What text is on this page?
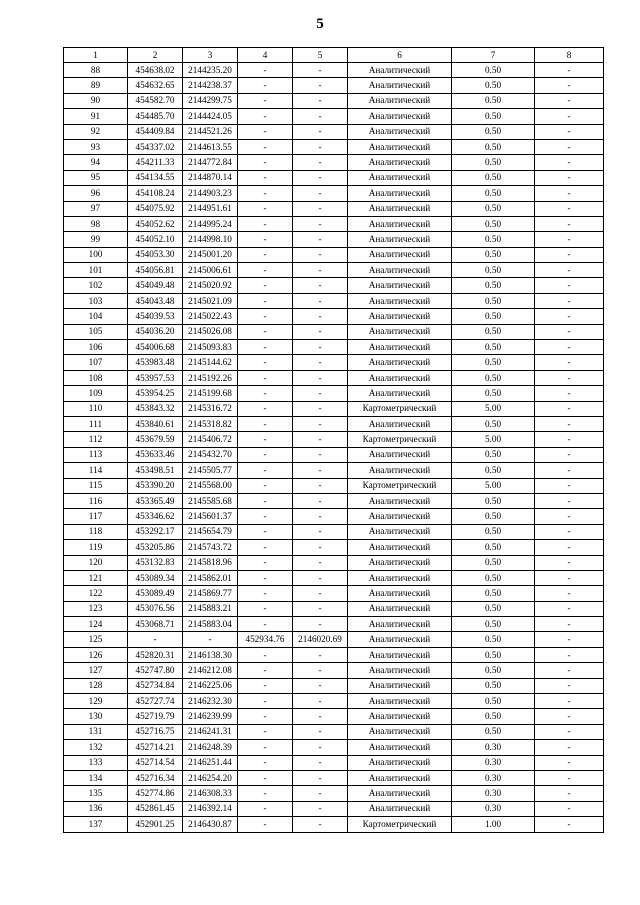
5
1	2	3	4	5	6	7	8
88	454638.02	2144235.20	-	-	Аналитический	0.50	-
89	454632.65	2144238.37	-	-	Аналитический	0.50	-
90	454582.70	2144299.75	-	-	Аналитический	0.50	-
91	454485.70	2144424.05	-	-	Аналитический	0.50	-
92	454409.84	2144521.26	-	-	Аналитический	0.50	-
93	454337.02	2144613.55	-	-	Аналитический	0.50	-
94	454211.33	2144772.84	-	-	Аналитический	0.50	-
95	454134.55	2144870.14	-	-	Аналитический	0.50	-
96	454108.24	2144903.23	-	-	Аналитический	0.50	-
97	454075.92	2144951.61	-	-	Аналитический	0.50	-
98	454052.62	2144995.24	-	-	Аналитический	0.50	-
99	454052.10	2144998.10	-	-	Аналитический	0.50	-
100	454053.30	2145001.20	-	-	Аналитический	0.50	-
101	454056.81	2145006.61	-	-	Аналитический	0.50	-
102	454049.48	2145020.92	-	-	Аналитический	0.50	-
103	454043.48	2145021.09	-	-	Аналитический	0.50	-
104	454039.53	2145022.43	-	-	Аналитический	0.50	-
105	454036.20	2145026.08	-	-	Аналитический	0.50	-
106	454006.68	2145093.83	-	-	Аналитический	0.50	-
107	453983.48	2145144.62	-	-	Аналитический	0.50	-
108	453957.53	2145192.26	-	-	Аналитический	0.50	-
109	453954.25	2145199.68	-	-	Аналитический	0.50	-
110	453843.32	2145316.72	-	-	Картометрический	5.00	-
111	453840.61	2145318.82	-	-	Аналитический	0.50	-
112	453679.59	2145406.72	-	-	Картометрический	5.00	-
113	453633.46	2145432.70	-	-	Аналитический	0.50	-
114	453498.51	2145505.77	-	-	Аналитический	0.50	-
115	453390.20	2145568.00	-	-	Картометрический	5.00	-
116	453365.49	2145585.68	-	-	Аналитический	0.50	-
117	453346.62	2145601.37	-	-	Аналитический	0.50	-
118	453292.17	2145654.79	-	-	Аналитический	0.50	-
119	453205.86	2145743.72	-	-	Аналитический	0.50	-
120	453132.83	2145818.96	-	-	Аналитический	0.50	-
121	453089.34	2145862.01	-	-	Аналитический	0.50	-
122	453089.49	2145869.77	-	-	Аналитический	0.50	-
123	453076.56	2145883.21	-	-	Аналитический	0.50	-
124	453068.71	2145883.04	-	-	Аналитический	0.50	-
125	-	-	452934.76	2146020.69	Аналитический	0.50	-
126	452820.31	2146138.30	-	-	Аналитический	0.50	-
127	452747.80	2146212.08	-	-	Аналитический	0.50	-
128	452734.84	2146225.06	-	-	Аналитический	0.50	-
129	452727.74	2146232.30	-	-	Аналитический	0.50	-
130	452719.79	2146239.99	-	-	Аналитический	0.50	-
131	452716.75	2146241.31	-	-	Аналитический	0.50	-
132	452714.21	2146248.39	-	-	Аналитический	0.30	-
133	452714.54	2146251.44	-	-	Аналитический	0.30	-
134	452716.34	2146254.20	-	-	Аналитический	0.30	-
135	452774.86	2146308.33	-	-	Аналитический	0.30	-
136	452861.45	2146392.14	-	-	Аналитический	0.30	-
137	452901.25	2146430.87	-	-	Картометрический	1.00	-
